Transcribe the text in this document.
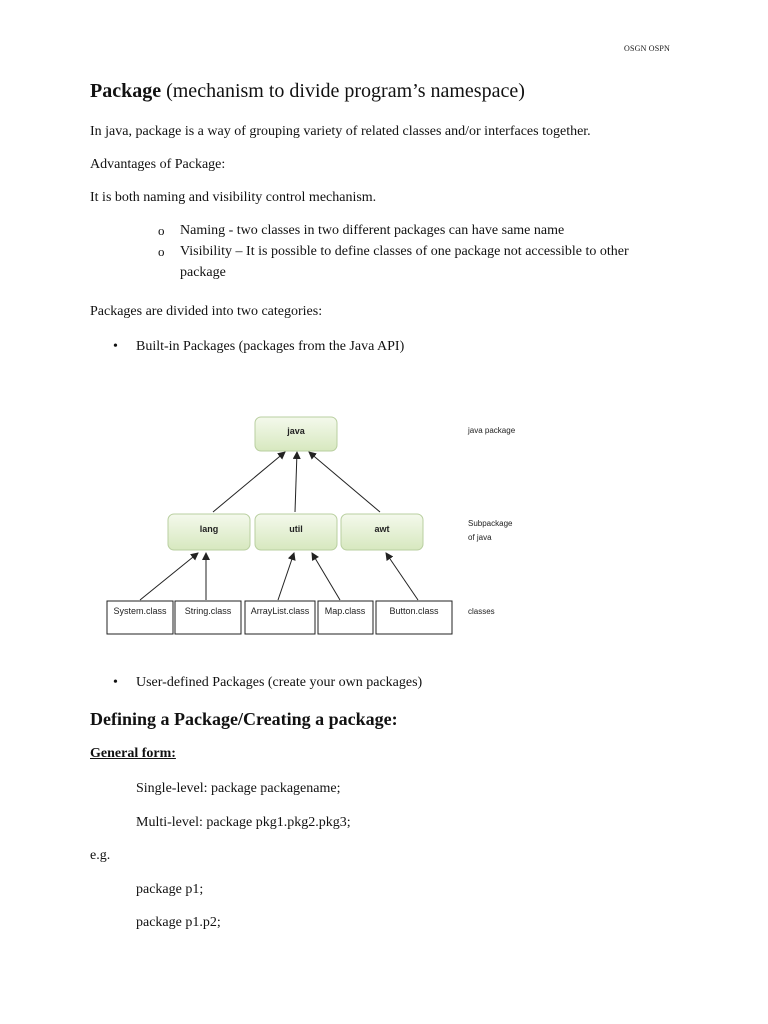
OSGN OSPN
Package (mechanism to divide program’s namespace)
In java, package is a way of grouping variety of related classes and/or interfaces together.
Advantages of Package:
It is both naming and visibility control mechanism.
o	Naming - two classes in two different packages can have same name
o	Visibility – It is possible to define classes of one package not accessible to other
package
Packages are divided into two categories:
•	Built-in Packages (packages from the Java API)
java
lang	util	awt
System.class String.class ArrayList.class Map.class	Button.class
java package
Subpackage
of java
classes
•	User-defined Packages (create your own packages)
Defining a Package/Creating a package:
General form:
Single-level: package packagename;
Multi-level: package pkg1.pkg2.pkg3;
e.g.
package p1;
package p1.p2;
